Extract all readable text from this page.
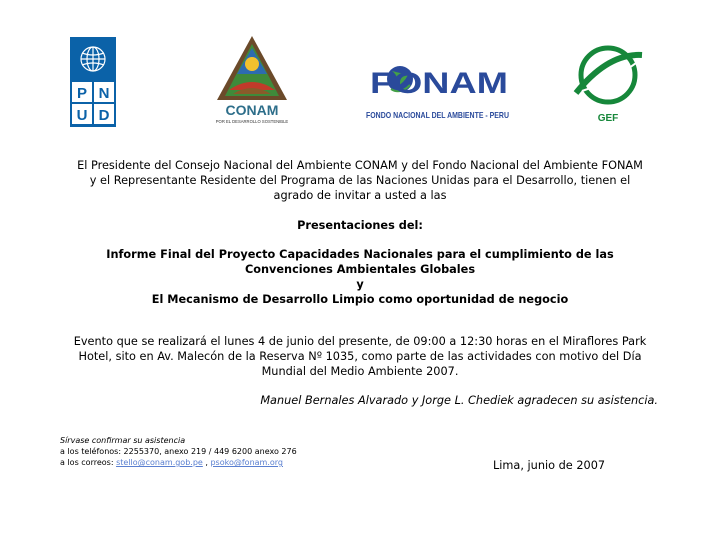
P N
U D	CONAM
POR EL DESARROLLO SOSTENIBLE
FONAM
FONDO NACIONAL DEL AMBIENTE - PERU	GEF
El Presidente del Consejo Nacional del Ambiente CONAM y del Fondo Nacional del Ambiente FONAM
y el Representante Residente del Programa de las Naciones Unidas para el Desarrollo, tienen el
agrado de invitar a usted a las
Presentaciones del:
Informe Final del Proyecto Capacidades Nacionales para el cumplimiento de las
Convenciones Ambientales Globales
y
El Mecanismo de Desarrollo Limpio como oportunidad de negocio
Evento que se realizará el lunes 4 de junio del presente, de 09:00 a 12:30 horas en el Miraflores Park
Hotel, sito en Av. Malecón de la Reserva Nº 1035, como parte de las actividades con motivo del Día
Mundial del Medio Ambiente 2007.
Manuel Bernales Alvarado y Jorge L. Chediek agradecen su asistencia.
Sírvase confirmar su asistencia
a los teléfonos: 2255370, anexo 219 / 449 6200 anexo 276
a los correos: stello@conam.gob.pe , psoko@fonam.org	Lima, junio de 2007
